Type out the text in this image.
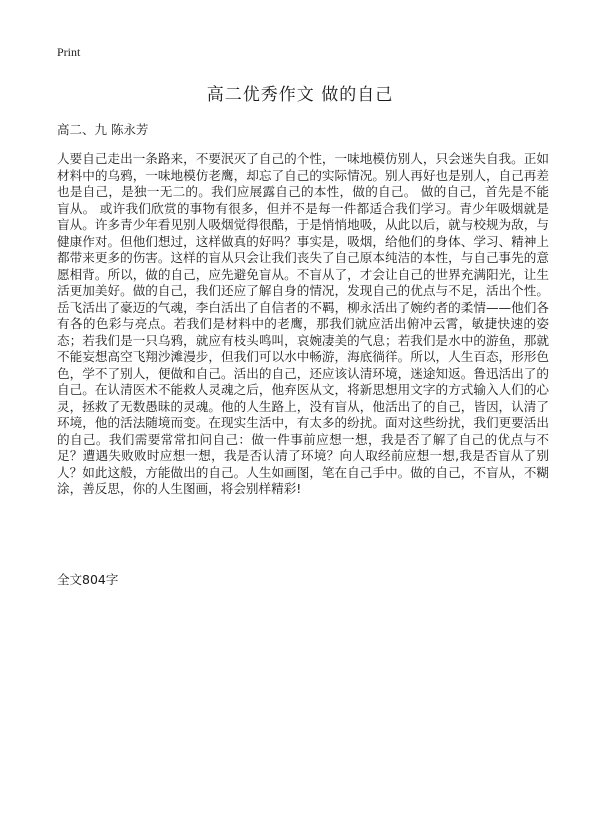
Print
高二优秀作文 做的自己
高二、九 陈永芳

人要自己走出一条路来，不要泯灭了自己的个性，一味地模仿别人，只会迷失自我。正如材料中的乌鸦，一味地模仿老鹰，却忘了自己的实际情况。别人再好也是别人，自己再差也是自己，是独一无二的。我们应展露自己的本性，做的自己。 做的自己，首先是不能盲从。 或许我们欣赏的事物有很多，但并不是每一件都适合我们学习。青少年吸烟就是盲从。许多青少年看见别人吸烟觉得很酷，于是悄悄地吸，从此以后，就与校规为敌，与健康作对。但他们想过，这样做真的好吗？事实是，吸烟，给他们的身体、学习、精神上都带来更多的伤害。这样的盲从只会让我们丧失了自己原本纯洁的本性，与自己事先的意愿相背。所以，做的自己，应先避免盲从。不盲从了，才会让自己的世界充满阳光，让生活更加美好。做的自己，我们还应了解自身的情况，发现自己的优点与不足，活出个性。岳飞活出了豪迈的气魂，李白活出了自信者的不羁，柳永活出了婉约者的柔情——他们各有各的色彩与亮点。若我们是材料中的老鹰，那我们就应活出俯冲云霄，敏捷快速的姿态；若我们是一只乌鸦，就应有枝头鸣叫，哀婉凄美的气息；若我们是水中的游鱼，那就不能妄想高空飞翔沙滩漫步，但我们可以水中畅游，海底徜徉。所以，人生百态，形形色色，学不了别人，便做和自己。活出的自己，还应该认清环境，迷途知返。鲁迅活出了的自己。在认清医术不能救人灵魂之后，他弃医从文，将新思想用文字的方式输入人们的心灵，拯救了无数愚昧的灵魂。他的人生路上，没有盲从，他活出了的自己，皆因，认清了环境，他的活法随境而变。在现实生活中，有太多的纷扰。面对这些纷扰，我们更要活出的自己。我们需要常常扣问自己：做一件事前应想一想，我是否了解了自己的优点与不足？遭遇失败败时应想一想，我是否认清了环境？向人取经前应想一想,我是否盲从了别人？如此这般，方能做出的自己。人生如画图，笔在自己手中。做的自己，不盲从，不糊涂，善反思，你的人生图画，将会别样精彩!

全文804字
